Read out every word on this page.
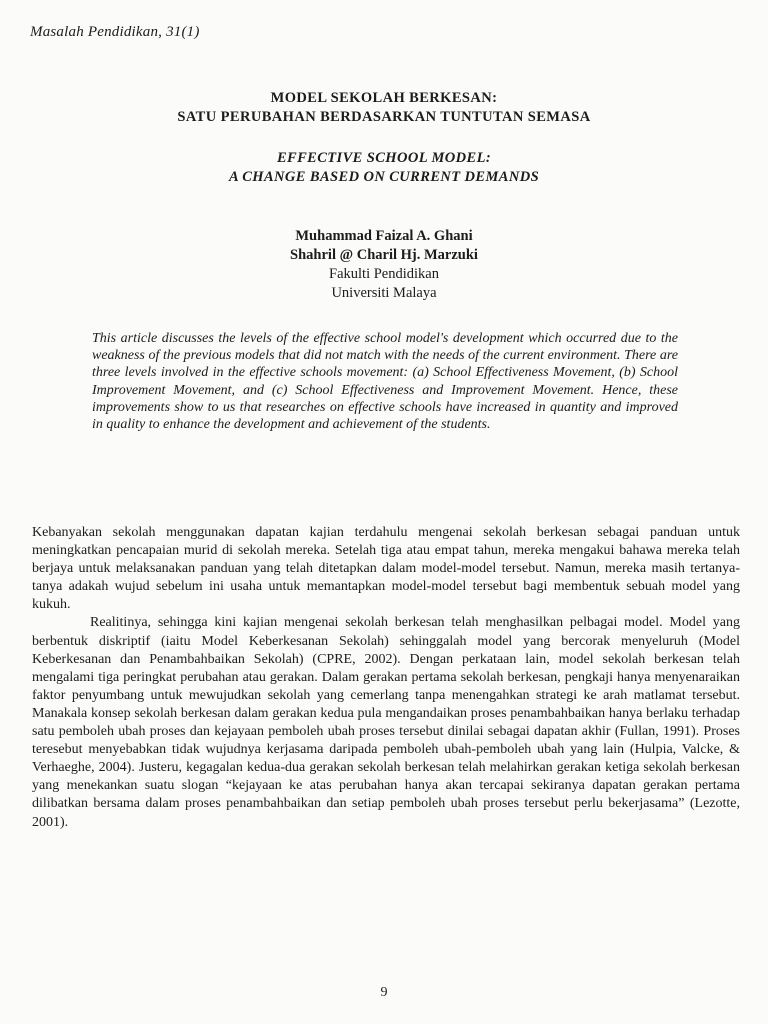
Masalah Pendidikan, 31(1)
MODEL SEKOLAH BERKESAN:
SATU PERUBAHAN BERDASARKAN TUNTUTAN SEMASA
EFFECTIVE SCHOOL MODEL:
A CHANGE BASED ON CURRENT DEMANDS
Muhammad Faizal A. Ghani
Shahril @ Charil Hj. Marzuki
Fakulti Pendidikan
Universiti Malaya

This article discusses the levels of the effective school model's development which occurred due to the weakness of the previous models that did not match with the needs of the current environment. There are three levels involved in the effective schools movement: (a) School Effectiveness Movement, (b) School Improvement Movement, and (c) School Effectiveness and Improvement Movement. Hence, these improvements show to us that researches on effective schools have increased in quantity and improved in quality to enhance the development and achievement of the students.

Kebanyakan sekolah menggunakan dapatan kajian terdahulu mengenai sekolah berkesan sebagai panduan untuk meningkatkan pencapaian murid di sekolah mereka. Setelah tiga atau empat tahun, mereka mengakui bahawa mereka telah berjaya untuk melaksanakan panduan yang telah ditetapkan dalam model-model tersebut. Namun, mereka masih tertanya-tanya adakah wujud sebelum ini usaha untuk memantapkan model-model tersebut bagi membentuk sebuah model yang kukuh.

Realitinya, sehingga kini kajian mengenai sekolah berkesan telah menghasilkan pelbagai model. Model yang berbentuk diskriptif (iaitu Model Keberkesanan Sekolah) sehinggalah model yang bercorak menyeluruh (Model Keberkesanan dan Penambahbaikan Sekolah) (CPRE, 2002). Dengan perkataan lain, model sekolah berkesan telah mengalami tiga peringkat perubahan atau gerakan. Dalam gerakan pertama sekolah berkesan, pengkaji hanya menyenaraikan faktor penyumbang untuk mewujudkan sekolah yang cemerlang tanpa menengahkan strategi ke arah matlamat tersebut. Manakala konsep sekolah berkesan dalam gerakan kedua pula mengandaikan proses penambahbaikan hanya berlaku terhadap satu pemboleh ubah proses dan kejayaan pemboleh ubah proses tersebut dinilai sebagai dapatan akhir (Fullan, 1991). Proses teresebut menyebabkan tidak wujudnya kerjasama daripada pemboleh ubah-pemboleh ubah yang lain (Hulpia, Valcke, & Verhaeghe, 2004). Justeru, kegagalan kedua-dua gerakan sekolah berkesan telah melahirkan gerakan ketiga sekolah berkesan yang menekankan suatu slogan “kejayaan ke atas perubahan hanya akan tercapai sekiranya dapatan gerakan pertama dilibatkan bersama dalam proses penambahbaikan dan setiap pemboleh ubah proses tersebut perlu bekerjasama” (Lezotte, 2001).

9
